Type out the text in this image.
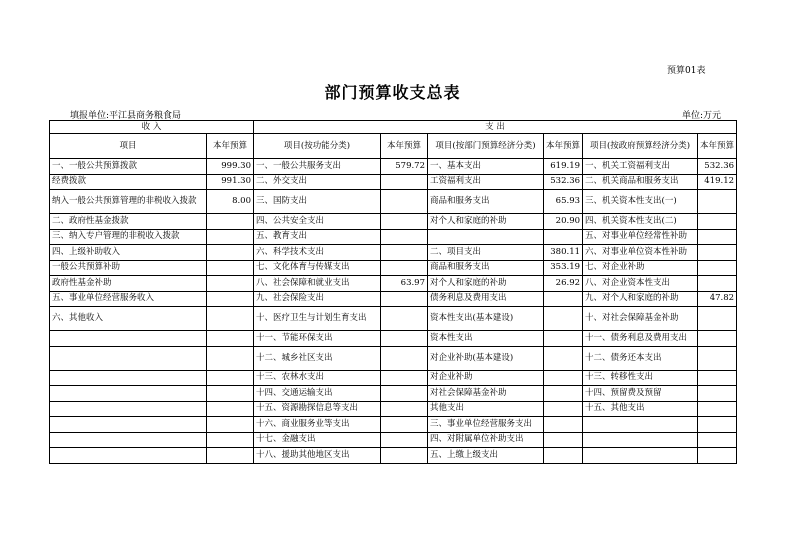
预算01表
部门预算收支总表
填报单位:平江县商务粮食局	单位:万元
收 入		支 出					
项目	本年预算	项目(按功能分类)	本年预算	项目(按部门预算经济分类)	本年预算	项目(按政府预算经济分类)	本年预算
一、一般公共预算拨款	999.30	一、一般公共服务支出	579.72	一、基本支出	619.19	一、机关工资福利支出	532.36
经费拨款	991.30	二、外交支出		工资福利支出	532.36	二、机关商品和服务支出	419.12
纳入一般公共预算管理的非税收入拨款	8.00	三、国防支出		商品和服务支出	65.93	三、机关资本性支出(一)	
二、政府性基金拨款		四、公共安全支出		对个人和家庭的补助	20.90	四、机关资本性支出(二)	
三、纳入专户管理的非税收入拨款		五、教育支出				五、对事业单位经常性补助	
四、上级补助收入		六、科学技术支出		二、项目支出	380.11	六、对事业单位资本性补助	
一般公共预算补助		七、文化体育与传媒支出		商品和服务支出	353.19	七、对企业补助	
政府性基金补助		八、社会保障和就业支出	63.97	对个人和家庭的补助	26.92	八、对企业资本性支出	
五、事业单位经营服务收入		九、社会保险支出		债务利息及费用支出		九、对个人和家庭的补助	47.82
六、其他收入		十、医疗卫生与计划生育支出		资本性支出(基本建设)		十、对社会保障基金补助	
		十一、节能环保支出		资本性支出		十一、债务利息及费用支出	
		十二、城乡社区支出		对企业补助(基本建设)		十二、债务还本支出	
		十三、农林水支出		对企业补助		十三、转移性支出	
		十四、交通运输支出		对社会保障基金补助		十四、预留费及预留	
		十五、资源勘探信息等支出		其他支出		十五、其他支出	
		十六、商业服务业等支出		三、事业单位经营服务支出			
		十七、金融支出		四、对附属单位补助支出			
		十八、援助其他地区支出		五、上缴上级支出			
